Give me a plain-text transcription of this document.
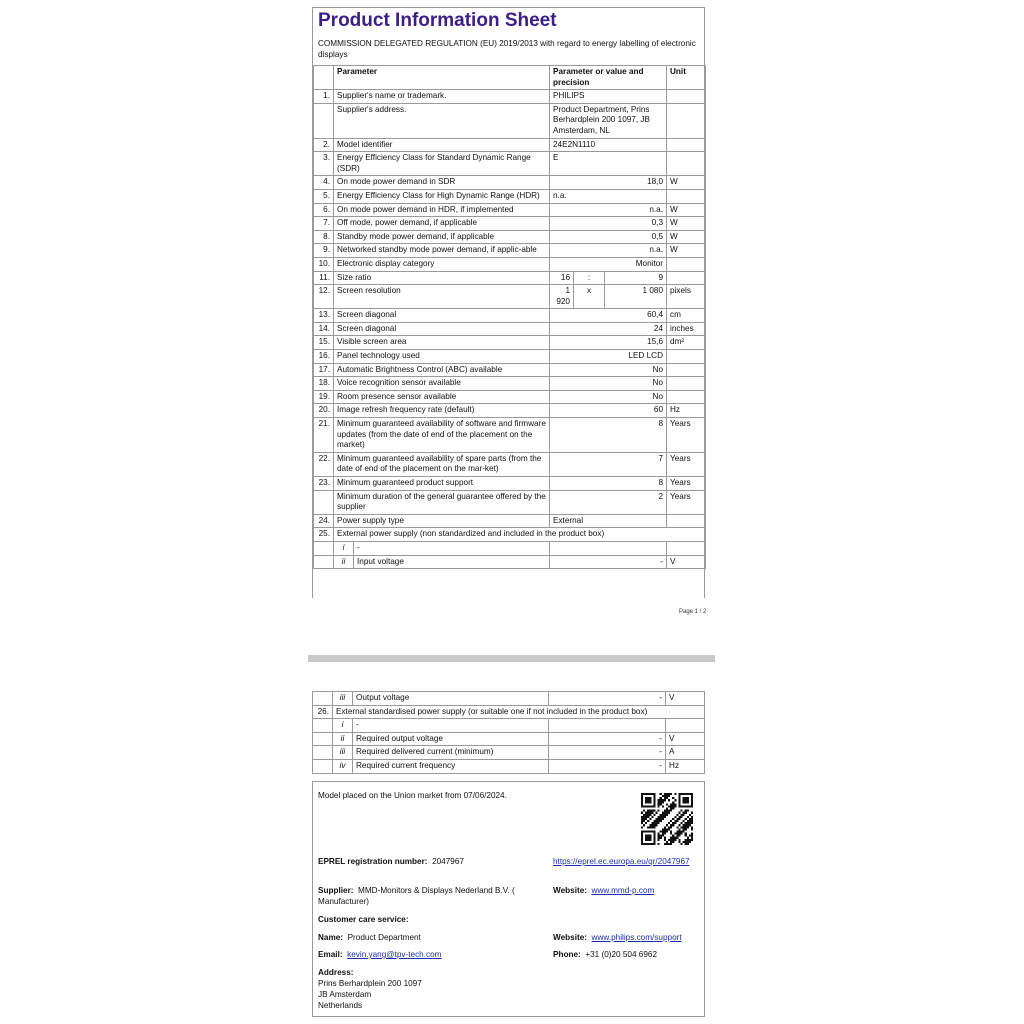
Product Information Sheet
COMMISSION DELEGATED REGULATION (EU) 2019/2013 with regard to energy labelling of electronic displays
	Parameter		Parameter or value and precision			Unit
1.	Supplier's name or trademark.		PHILIPS			
	Supplier's address.		Product Department, Prins Berhardplein 200 1097, JB Amsterdam, NL			
2.	Model identifier		24E2N1110			
3.	Energy Efficiency Class for Standard Dynamic Range (SDR)		E			
4.	On mode power demand in SDR		18,0			W
5.	Energy Efficiency Class for High Dynamic Range (HDR)		n.a.			
6.	On mode power demand in HDR, if implemented		n.a.			W
7.	Off mode, power demand, if applicable		0,3			W
8.	Standby mode power demand, if applicable		0,5			W
9.	Networked standby mode power demand, if applic-able		n.a.			W
10.	Electronic display category		Monitor			
11.	Size ratio		16	:	9	
12.	Screen resolution		1 920	x	1 080	pixels
13.	Screen diagonal		60,4			cm
14.	Screen diagonal		24			inches
15.	Visible screen area		15,6			dm²
16.	Panel technology used		LED LCD			
17.	Automatic Brightness Control (ABC) available		No			
18.	Voice recognition sensor available		No			
19.	Room presence sensor available		No			
20.	Image refresh frequency rate (default)		60			Hz
21.	Minimum guaranteed availability of software and firmware updates (from the date of end of the placement on the market)		8			Years
22.	Minimum guaranteed availability of spare parts (from the date of end of the placement on the mar-ket)		7			Years
23.	Minimum guaranteed product support		8			Years
	Minimum duration of the general guarantee offered by the supplier		2			Years
24.	Power supply type		External			
25.	External power supply (non standardized and included in the product box)					
	i	-				
	ii	Input voltage	-			V
Page 1 / 2
	iii	Output voltage	-	V
26.	External standardised power supply (or suitable one if not included in the product box)			
	i	-		
	ii	Required output voltage	-	V
	iii	Required delivered current (minimum)	-	A
	iv	Required current frequency	-	Hz
Model placed on the Union market from 07/06/2024.
EPREL registration number: 2047967	https://eprel.ec.europa.eu/qr/2047967
Supplier: MMD-Monitors & Displays Nederland B.V. ( Manufacturer)
Website: www.mmd-p.com
Customer care service:
Name: Product Department	Website: www.philips.com/support
Email: kevin.yang@tpv-tech.com	Phone: +31 (0)20 504 6962
Address:
Prins Berhardplein 200 1097
JB Amsterdam
Netherlands
